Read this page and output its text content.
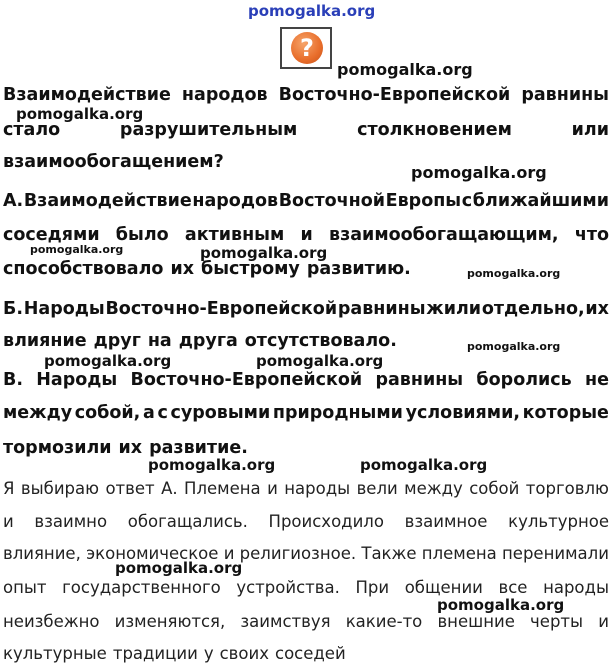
pomogalka.org
?
pomogalka.org
pomogalka.org
pomogalka.org
pomogalka.org	pomogalka.org
pomogalka.org
pomogalka.org
pomogalka.org	pomogalka.org
pomogalka.org	pomogalka.org
pomogalka.org
pomogalka.org
Взаимодействие народов Восточно-Европейской равнины
стало	разрушительным	столкновением	или
взаимообогащением?
А. Взаимодействие народов Восточной Европы с ближайшими
соседями было активным и взаимообогащающим, что
способствовало их быстрому развитию.
Б. Народы Восточно-Европейской равнины жили отдельно, их
влияние друг на друга отсутствовало.
В. Народы Восточно-Европейской равнины боролись не
между собой, а с суровыми природными условиями, которые
тормозили их развитие.
Я выбираю ответ А. Племена и народы вели между собой торговлю
и взаимно обогащались. Происходило взаимное культурное
влияние, экономическое и религиозное. Также племена перенимали
опыт государственного устройства. При общении все народы
неизбежно изменяются, заимствуя какие-то внешние черты и
культурные традиции у своих соседей
